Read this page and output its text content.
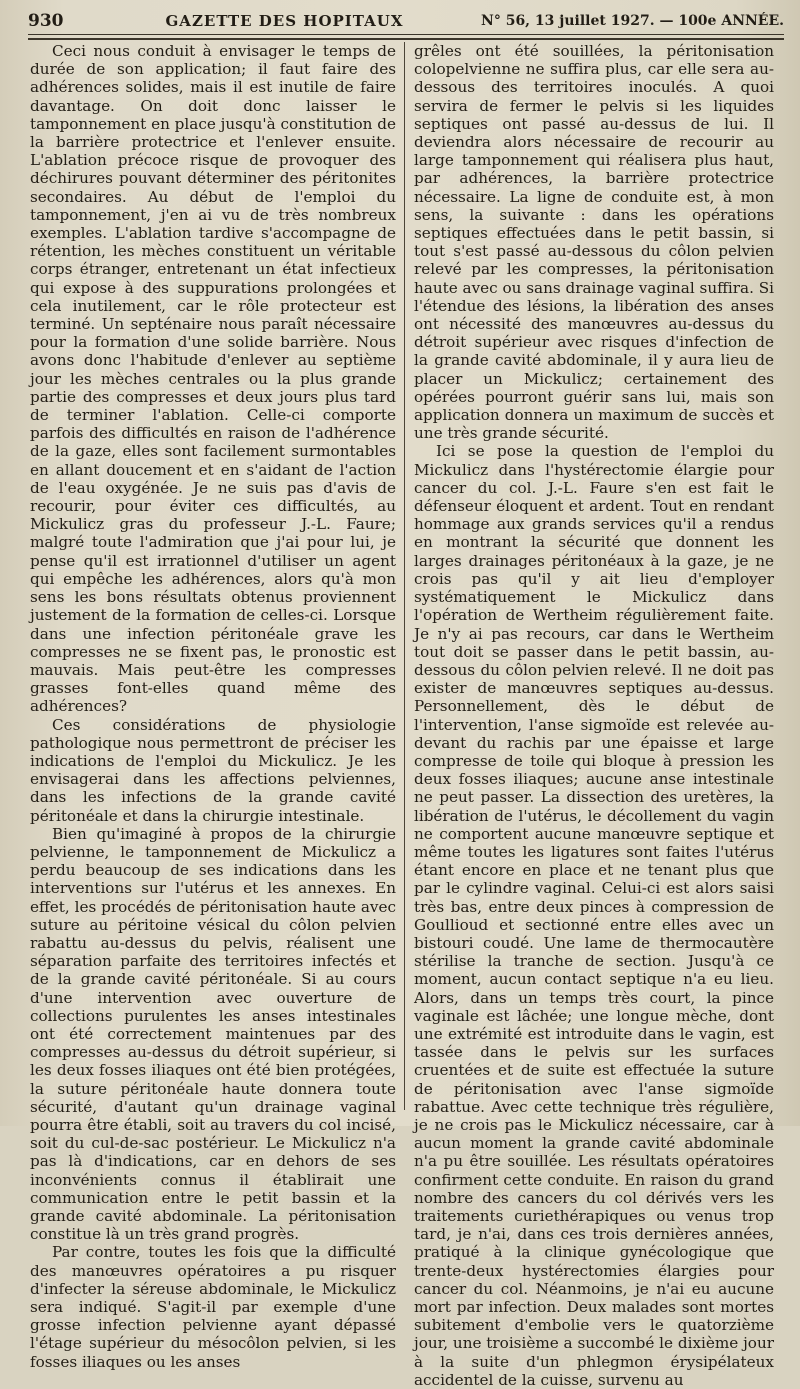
930	GAZETTE DES HOPITAUX	N° 56, 13 juillet 1927. — 100e ANNÉE.

Ceci nous conduit à envisager le temps de durée de son application; il faut faire des adhérences solides, mais il est inutile de faire davantage. On doit donc laisser le tamponnement en place jusqu'à constitution de la barrière protectrice et l'enlever ensuite. L'ablation précoce risque de provoquer des déchirures pouvant déterminer des péritonites secondaires. Au début de l'emploi du tamponnement, j'en ai vu de très nombreux exemples. L'ablation tardive s'accompagne de rétention, les mèches constituent un véritable corps étranger, entretenant un état infectieux qui expose à des suppurations prolongées et cela inutilement, car le rôle protecteur est terminé. Un septénaire nous paraît nécessaire pour la formation d'une solide barrière. Nous avons donc l'habitude d'enlever au septième jour les mèches centrales ou la plus grande partie des compresses et deux jours plus tard de terminer l'ablation. Celle-ci comporte parfois des difficultés en raison de l'adhérence de la gaze, elles sont facilement surmontables en allant doucement et en s'aidant de l'action de l'eau oxygénée. Je ne suis pas d'avis de recourir, pour éviter ces difficultés, au Mickulicz gras du professeur J.-L. Faure; malgré toute l'admiration que j'ai pour lui, je pense qu'il est irrationnel d'utiliser un agent qui empêche les adhérences, alors qu'à mon sens les bons résultats obtenus proviennent justement de la formation de celles-ci. Lorsque dans une infection péritonéale grave les compresses ne se fixent pas, le pronostic est mauvais. Mais peut-être les compresses grasses font-elles quand même des adhérences?

Ces considérations de physiologie pathologique nous permettront de préciser les indications de l'emploi du Mickulicz. Je les envisagerai dans les affections pelviennes, dans les infections de la grande cavité péritonéale et dans la chirurgie intestinale.

Bien qu'imaginé à propos de la chirurgie pelvienne, le tamponnement de Mickulicz a perdu beaucoup de ses indications dans les interventions sur l'utérus et les annexes. En effet, les procédés de péritonisation haute avec suture au péritoine vésical du côlon pelvien rabattu au-dessus du pelvis, réalisent une séparation parfaite des territoires infectés et de la grande cavité péritonéale. Si au cours d'une intervention avec ouverture de collections purulentes les anses intestinales ont été correctement maintenues par des compresses au-dessus du détroit supérieur, si les deux fosses iliaques ont été bien protégées, la suture péritonéale haute donnera toute sécurité, d'autant qu'un drainage vaginal pourra être établi, soit au travers du col incisé, soit du cul-de-sac postérieur. Le Mickulicz n'a pas là d'indications, car en dehors de ses inconvénients connus il établirait une communication entre le petit bassin et la grande cavité abdominale. La péritonisation constitue là un très grand progrès.

Par contre, toutes les fois que la difficulté des manœuvres opératoires a pu risquer d'infecter la séreuse abdominale, le Mickulicz sera indiqué. S'agit-il par exemple d'une grosse infection pelvienne ayant dépassé l'étage supérieur du mésocôlon pelvien, si les fosses iliaques ou les anses

grêles ont été souillées, la péritonisation colopelvienne ne suffira plus, car elle sera au-dessous des territoires inoculés. A quoi servira de fermer le pelvis si les liquides septiques ont passé au-dessus de lui. Il deviendra alors nécessaire de recourir au large tamponnement qui réalisera plus haut, par adhérences, la barrière protectrice nécessaire. La ligne de conduite est, à mon sens, la suivante : dans les opérations septiques effectuées dans le petit bassin, si tout s'est passé au-dessous du côlon pelvien relevé par les compresses, la péritonisation haute avec ou sans drainage vaginal suffira. Si l'étendue des lésions, la libération des anses ont nécessité des manœuvres au-dessus du détroit supérieur avec risques d'infection de la grande cavité abdominale, il y aura lieu de placer un Mickulicz; certainement des opérées pourront guérir sans lui, mais son application donnera un maximum de succès et une très grande sécurité.

Ici se pose la question de l'emploi du Mickulicz dans l'hystérectomie élargie pour cancer du col. J.-L. Faure s'en est fait le défenseur éloquent et ardent. Tout en rendant hommage aux grands services qu'il a rendus en montrant la sécurité que donnent les larges drainages péritonéaux à la gaze, je ne crois pas qu'il y ait lieu d'employer systématiquement le Mickulicz dans l'opération de Wertheim régulièrement faite. Je n'y ai pas recours, car dans le Wertheim tout doit se passer dans le petit bassin, au-dessous du côlon pelvien relevé. Il ne doit pas exister de manœuvres septiques au-dessus. Personnellement, dès le début de l'intervention, l'anse sigmoïde est relevée au-devant du rachis par une épaisse et large compresse de toile qui bloque à pression les deux fosses iliaques; aucune anse intestinale ne peut passer. La dissection des uretères, la libération de l'utérus, le décollement du vagin ne comportent aucune manœuvre septique et même toutes les ligatures sont faites l'utérus étant encore en place et ne tenant plus que par le cylindre vaginal. Celui-ci est alors saisi très bas, entre deux pinces à compression de Goullioud et sectionné entre elles avec un bistouri coudé. Une lame de thermocautère stérilise la tranche de section. Jusqu'à ce moment, aucun contact septique n'a eu lieu. Alors, dans un temps très court, la pince vaginale est lâchée; une longue mèche, dont une extrémité est introduite dans le vagin, est tassée dans le pelvis sur les surfaces cruentées et de suite est effectuée la suture de péritonisation avec l'anse sigmoïde rabattue. Avec cette technique très régulière, je ne crois pas le Mickulicz nécessaire, car à aucun moment la grande cavité abdominale n'a pu être souillée. Les résultats opératoires confirment cette conduite. En raison du grand nombre des cancers du col dérivés vers les traitements curiethérapiques ou venus trop tard, je n'ai, dans ces trois dernières années, pratiqué à la clinique gynécologique que trente-deux hystérectomies élargies pour cancer du col. Néanmoins, je n'ai eu aucune mort par infection. Deux malades sont mortes subitement d'embolie vers le quatorzième jour, une troisième a succombé le dixième jour à la suite d'un phlegmon érysipélateux accidentel de la cuisse, survenu au
